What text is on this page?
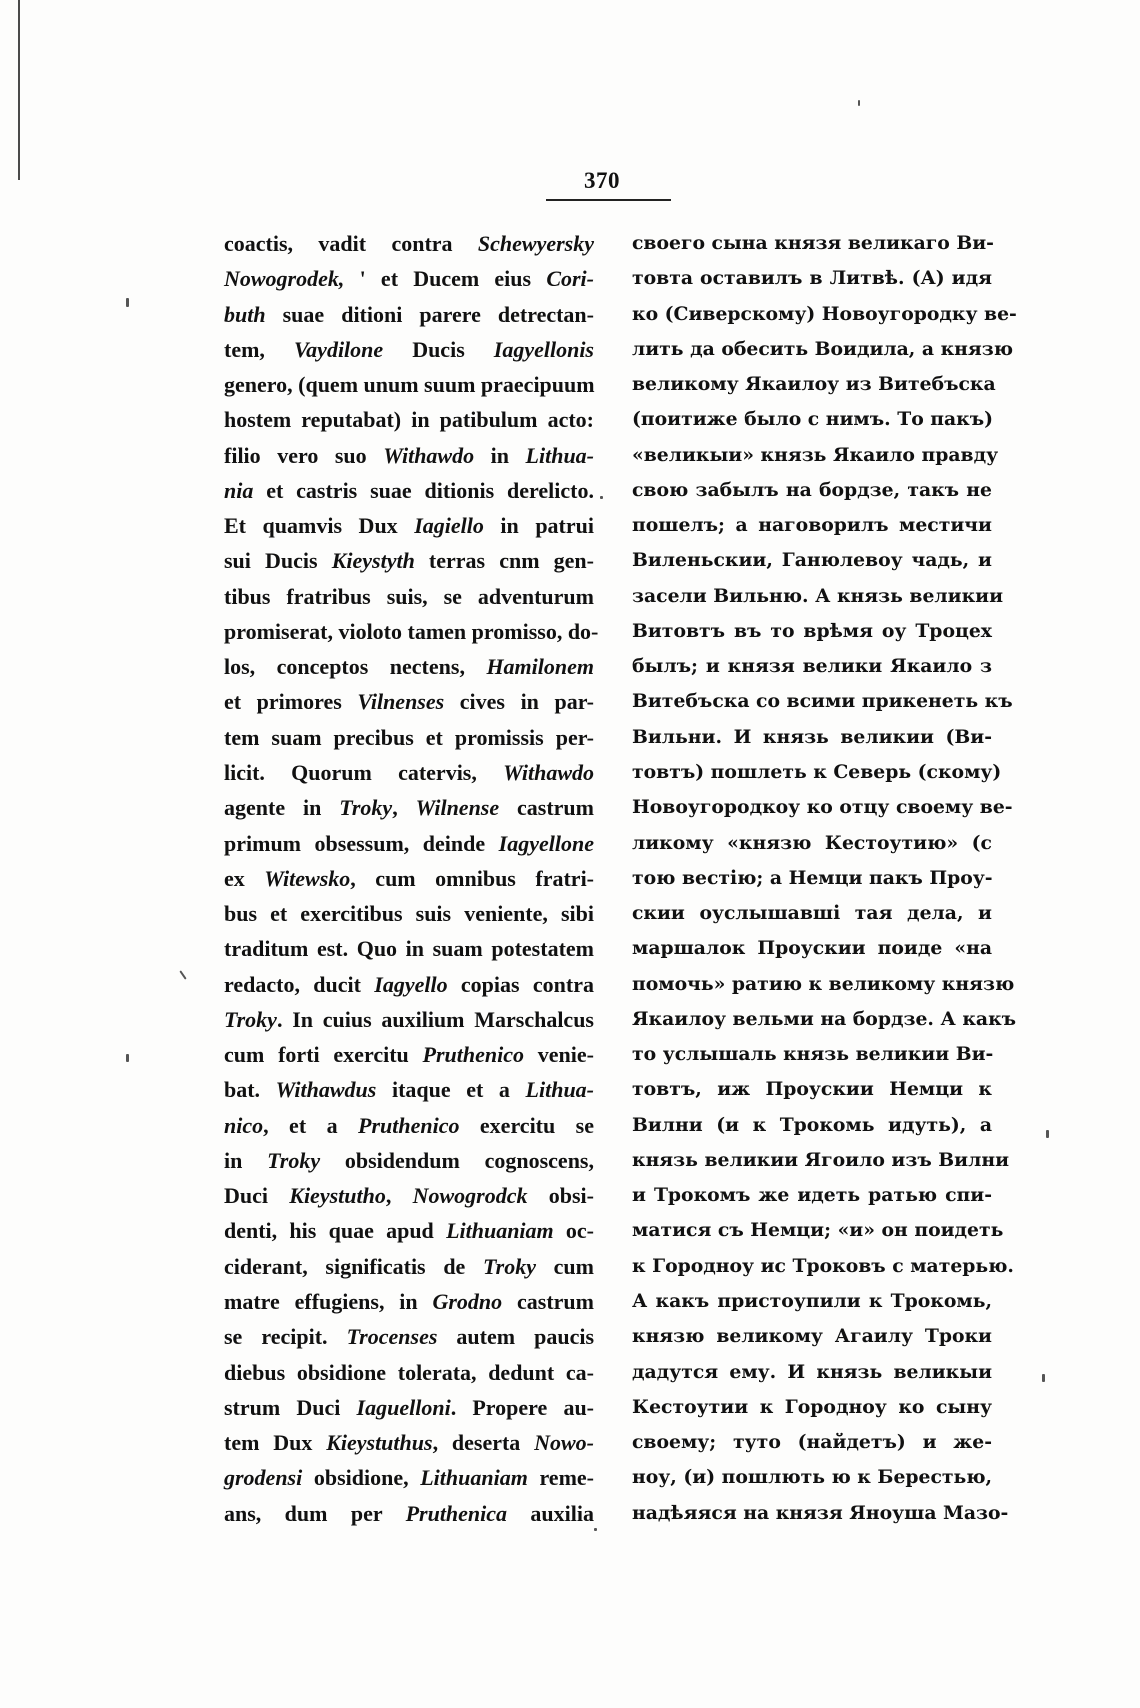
370
coactis, vadit contra Schewyersky
Nowogrodek, ' et Ducem eius Cori-
buth suae ditioni parere detrectan-
tem, Vaydilone Ducis Iagyellonis
genero, (quem unum suum praecipuum
hostem reputabat) in patibulum acto:
filio vero suo Withawdo in Lithua-
nia et castris suae ditionis derelicto.
Et quamvis Dux Iagiello in patrui
sui Ducis Kieystyth terras cnm gen-
tibus fratribus suis, se adventurum
promiserat, violoto tamen promisso, do-
los, conceptos nectens, Hamilonem
et primores Vilnenses cives in par-
tem suam precibus et promissis per-
licit. Quorum catervis, Withawdo
agente in Troky, Wilnense castrum
primum obsessum, deinde Iagyellone
ex Witewsko, cum omnibus fratri-
bus et exercitibus suis veniente, sibi
traditum est. Quo in suam potestatem
redacto, ducit Iagyello copias contra
Troky. In cuius auxilium Marschalcus
cum forti exercitu Pruthenico venie-
bat. Withawdus itaque et a Lithua-
nico, et a Pruthenico exercitu se
in Troky obsidendum cognoscens,
Duci Kieystutho, Nowogrodck obsi-
denti, his quae apud Lithuaniam oc-
ciderant, significatis de Troky cum
matre effugiens, in Grodno castrum
se recipit. Trocenses autem paucis
diebus obsidione tolerata, dedunt ca-
strum Duci Iaguelloni. Propere au-
tem Dux Kieystuthus, deserta Nowo-
grodensi obsidione, Lithuaniam reme-
ans, dum per Pruthenica auxilia
своего сына князя великаго Ви-
товта оставилъ в Литвѣ. (А) идя
ко (Сиверскому) Новоугородку ве-
лить да обесить Воидила, а князю
великому Якаилоу из Витебъска
(поитиже было с нимъ. То пакъ)
«великыи» князь Якаило правду
свою забылъ на бордзе, такъ не
пошелъ; а наговорилъ местичи
Виленьскии, Ганюлевоу чадь, и
засели Вильню. А князь великии
Витовтъ въ то врѣмя оу Троцех
былъ; и князя велики Якаило з
Витебъска со всими прикенеть къ
Вильни. И князь великии (Ви-
товтъ) пошлеть к Северь (скому)
Новоугородкоу ко отцу своему ве-
ликому «князю Кестоутию» (с
тою вестію; а Немци пакъ Проу-
скии оуслышавші тая дела, и
маршалок Проускии поиде «на
помочь» ратию к великому князю
Якаилоу вельми на бордзе. А какъ
то услышаль князь великии Ви-
товтъ, иж Проускии Немци к
Вилни (и к Трокомь идуть), а
князь великии Ягоило изъ Вилни
и Трокомъ же идеть ратью спи-
матися съ Немци; «и» он поидеть
к Городноу ис Троковъ с матерью.
А какъ пристоупили к Трокомь,
князю великому Агаилу Троки
дадутся ему. И князь великыи
Кестоутии к Городноу ко сыну
своему; туто (найдетъ) и же-
ноу, (и) пошлють ю к Берестью,
надѣяяся на князя Янoуша Мазо-
